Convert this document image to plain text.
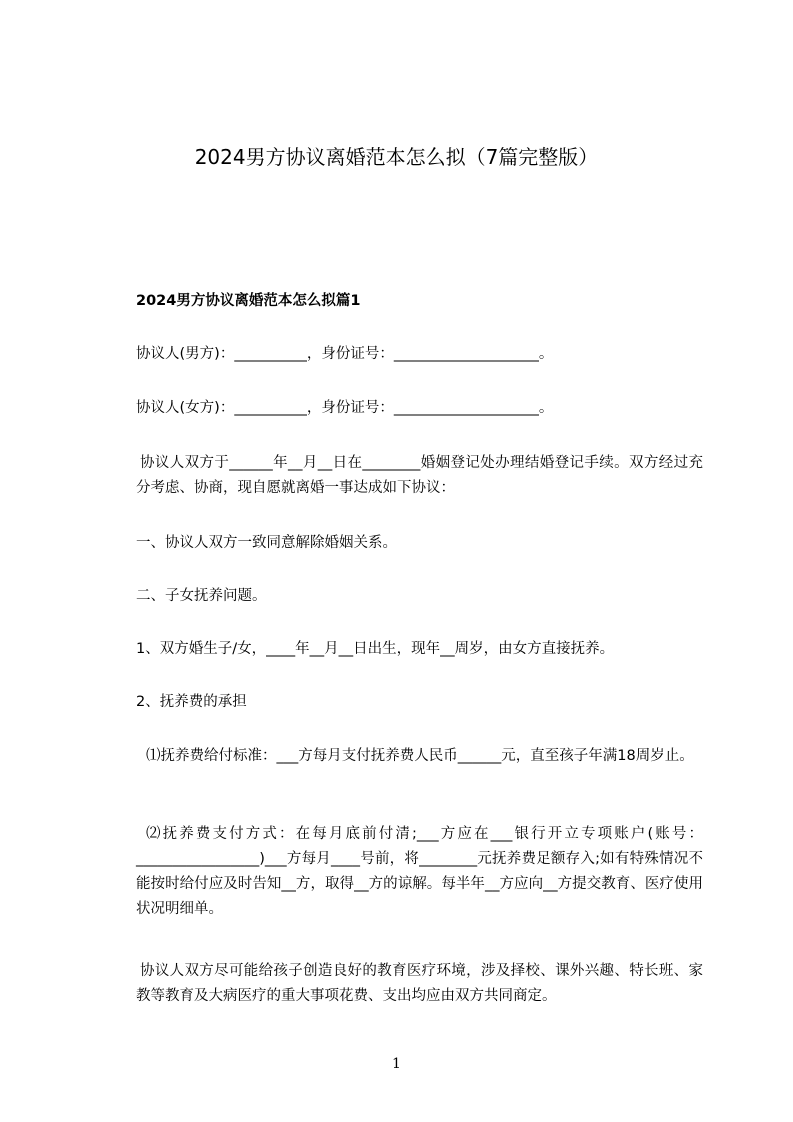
2024男方协议离婚范本怎么拟（7篇完整版）
2024男方协议离婚范本怎么拟篇1
协议人(男方)：__________，身份证号：____________________。
协议人(女方)：__________，身份证号：____________________。
协议人双方于______年__月__日在________婚姻登记处办理结婚登记手续。双方经过充分考虑、协商，现自愿就离婚一事达成如下协议：
一、协议人双方一致同意解除婚姻关系。
二、子女抚养问题。
1、双方婚生子/女，____年__月__日出生，现年__周岁，由女方直接抚养。
2、抚养费的承担
⑴抚养费给付标准：___方每月支付抚养费人民币______元，直至孩子年满18周岁止。
⑵抚养费支付方式：在每月底前付清;___方应在___银行开立专项账户(账号：_________________)___方每月____号前，将________元抚养费足额存入;如有特殊情况不能按时给付应及时告知__方，取得__方的谅解。每半年__方应向__方提交教育、医疗使用状况明细单。
协议人双方尽可能给孩子创造良好的教育医疗环境，涉及择校、课外兴趣、特长班、家教等教育及大病医疗的重大事项花费、支出均应由双方共同商定。
1
